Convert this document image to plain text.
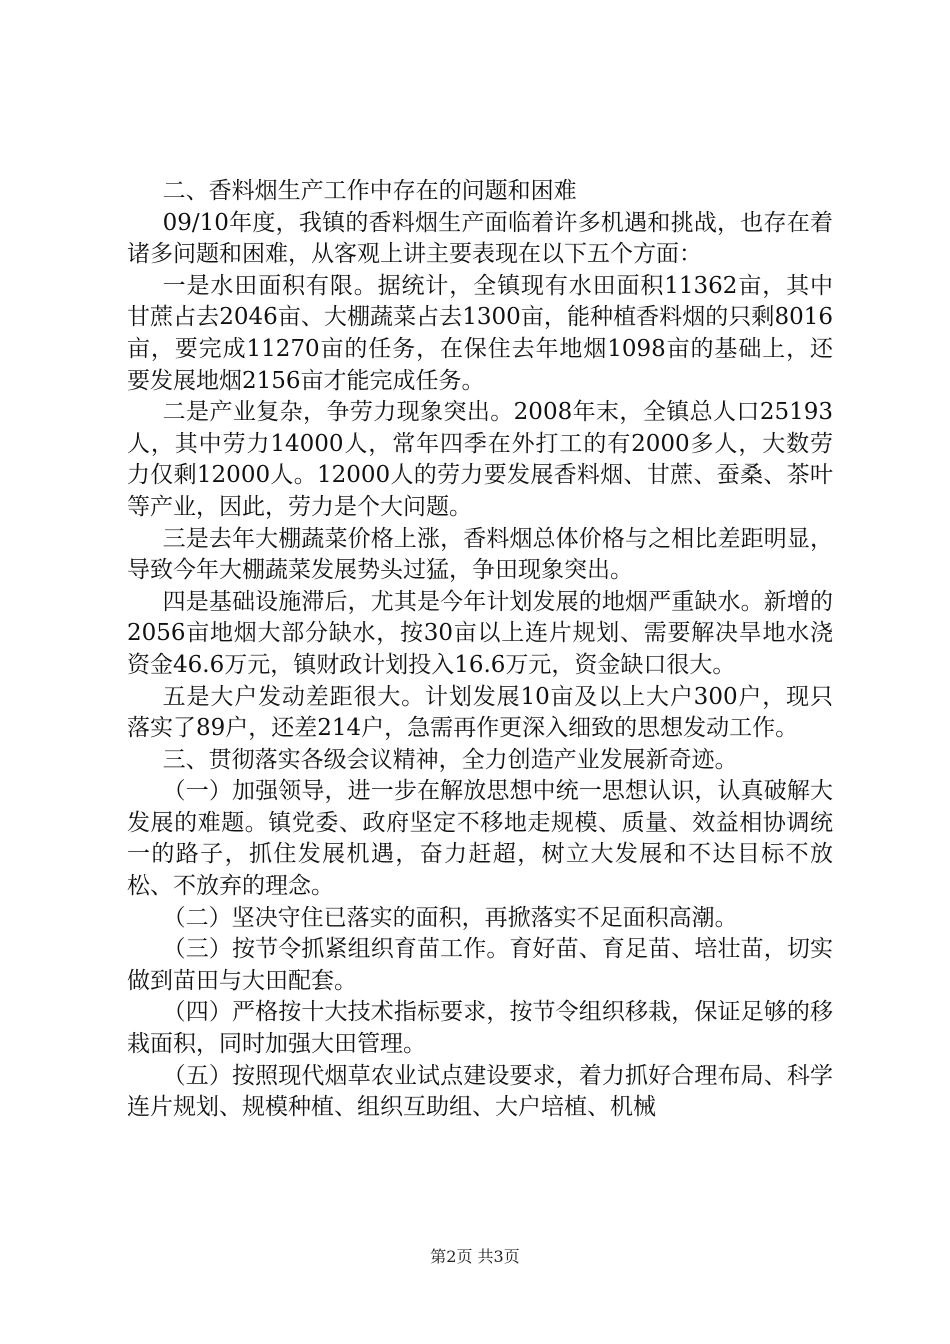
二、香料烟生产工作中存在的问题和困难

09/10年度，我镇的香料烟生产面临着许多机遇和挑战，也存在着诸多问题和困难，从客观上讲主要表现在以下五个方面：

一是水田面积有限。据统计，全镇现有水田面积11362亩，其中甘蔗占去2046亩、大棚蔬菜占去1300亩，能种植香料烟的只剩8016亩，要完成11270亩的任务，在保住去年地烟1098亩的基础上，还要发展地烟2156亩才能完成任务。

二是产业复杂，争劳力现象突出。2008年末，全镇总人口25193人，其中劳力14000人，常年四季在外打工的有2000多人，大数劳力仅剩12000人。12000人的劳力要发展香料烟、甘蔗、蚕桑、茶叶等产业，因此，劳力是个大问题。

三是去年大棚蔬菜价格上涨，香料烟总体价格与之相比差距明显，导致今年大棚蔬菜发展势头过猛，争田现象突出。

四是基础设施滞后，尤其是今年计划发展的地烟严重缺水。新增的2056亩地烟大部分缺水，按30亩以上连片规划、需要解决旱地水浇资金46.6万元，镇财政计划投入16.6万元，资金缺口很大。

五是大户发动差距很大。计划发展10亩及以上大户300户，现只落实了89户，还差214户，急需再作更深入细致的思想发动工作。

三、贯彻落实各级会议精神，全力创造产业发展新奇迹。

（一）加强领导，进一步在解放思想中统一思想认识，认真破解大发展的难题。镇党委、政府坚定不移地走规模、质量、效益相协调统一的路子，抓住发展机遇，奋力赶超，树立大发展和不达目标不放松、不放弃的理念。

（二）坚决守住已落实的面积，再掀落实不足面积高潮。

（三）按节令抓紧组织育苗工作。育好苗、育足苗、培壮苗，切实做到苗田与大田配套。

（四）严格按十大技术指标要求，按节令组织移栽，保证足够的移栽面积，同时加强大田管理。

（五）按照现代烟草农业试点建设要求，着力抓好合理布局、科学连片规划、规模种植、组织互助组、大户培植、机械

第2页 共3页
